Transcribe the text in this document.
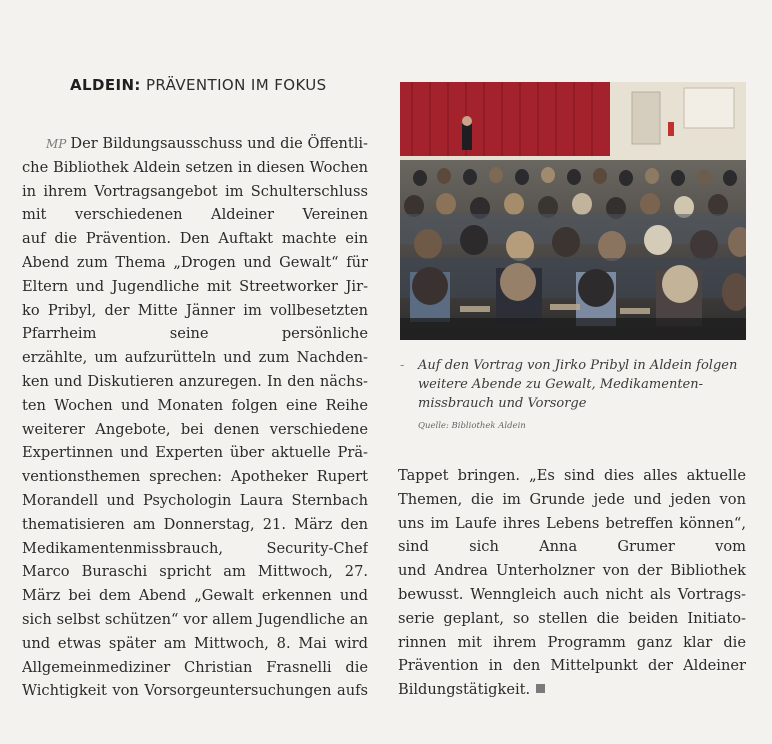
ALDEIN: PRÄVENTION IM FOKUS
MP Der Bildungsausschuss und die Öffentli-
che Bibliothek Aldein setzen in diesen Wochen
in ihrem Vortragsangebot im Schulterschluss
mit verschiedenen Aldeiner Vereinen
auf die Prävention. Den Auftakt machte ein
Abend zum Thema „Drogen und Gewalt“ für
Eltern und Jugendliche mit Streetworker Jir-
ko Pribyl, der Mitte Jänner im vollbesetzten
Pfarrheim seine persönliche
erzählte, um aufzurütteln und zum Nachden-
ken und Diskutieren anzuregen. In den nächs-
ten Wochen und Monaten folgen eine Reihe
weiterer Angebote, bei denen verschiedene
Expertinnen und Experten über aktuelle Prä-
ventionsthemen sprechen: Apotheker Rupert
Morandell und Psychologin Laura Sternbach
thematisieren am Donnerstag, 21. März den
Medikamentenmissbrauch, Security-Chef
Marco Buraschi spricht am Mittwoch, 27.
März bei dem Abend „Gewalt erkennen und
sich selbst schützen“ vor allem Jugendliche an
und etwas später am Mittwoch, 8. Mai wird
Allgemeinmediziner Christian Frasnelli die
Wichtigkeit von Vorsorgeuntersuchungen aufs
-	Auf den Vortrag von Jirko Pribyl in Aldein folgen
weitere Abende zu Gewalt, Medikamenten-
missbrauch und Vorsorge
Quelle: Bibliothek Aldein
Tappet bringen. „Es sind dies alles aktuelle
Themen, die im Grunde jede und jeden von
uns im Laufe ihres Lebens betreffen können“,
sind sich Anna Grumer vom
und Andrea Unterholzner von der Bibliothek
bewusst. Wenngleich auch nicht als Vortrags-
serie geplant, so stellen die beiden Initiato-
rinnen mit ihrem Programm ganz klar die
Prävention in den Mittelpunkt der Aldeiner
Bildungstätigkeit.
